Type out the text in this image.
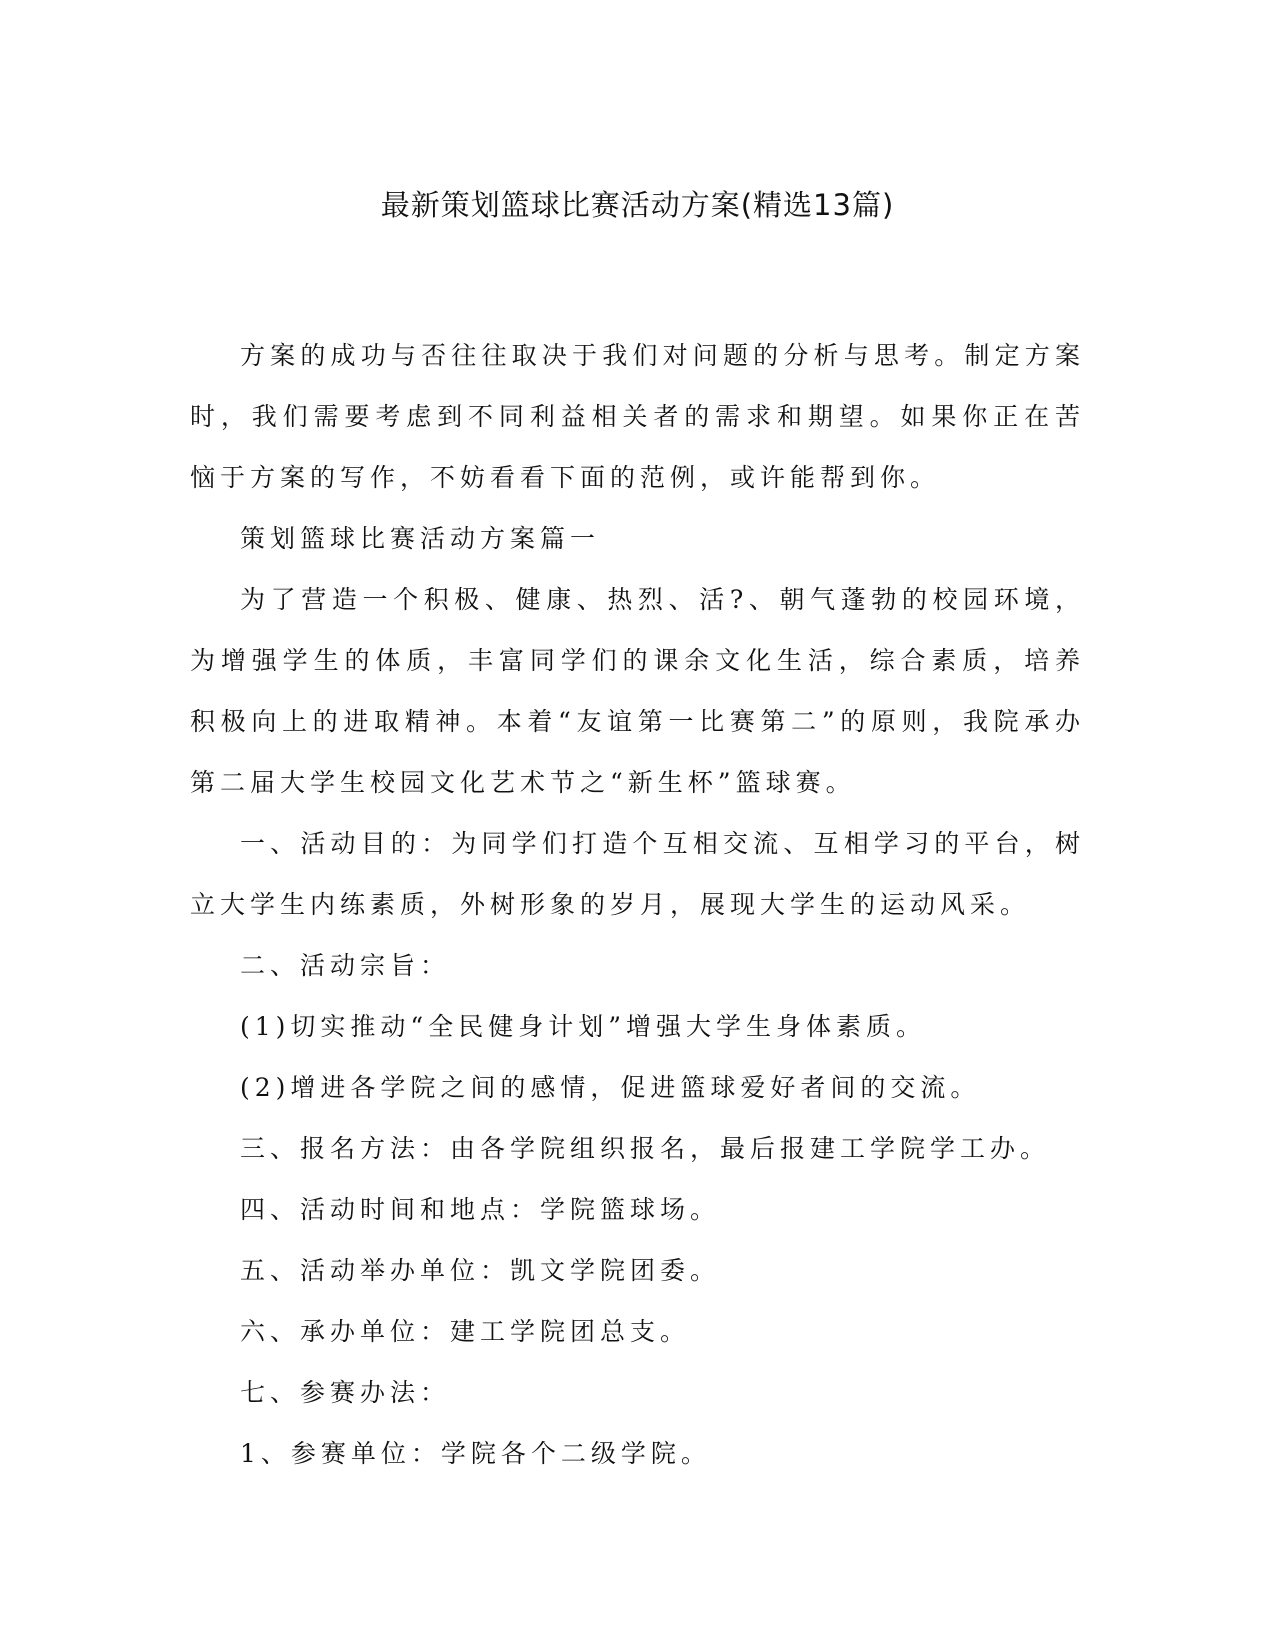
最新策划篮球比赛活动方案(精选13篇)

方案的成功与否往往取决于我们对问题的分析与思考。制定方案时，我们需要考虑到不同利益相关者的需求和期望。如果你正在苦恼于方案的写作，不妨看看下面的范例，或许能帮到你。

策划篮球比赛活动方案篇一

为了营造一个积极、健康、热烈、活?、朝气蓬勃的校园环境，为增强学生的体质，丰富同学们的课余文化生活，综合素质，培养积极向上的进取精神。本着“友谊第一比赛第二”的原则，我院承办第二届大学生校园文化艺术节之“新生杯”篮球赛。

一、活动目的：为同学们打造个互相交流、互相学习的平台，树立大学生内练素质，外树形象的岁月，展现大学生的运动风采。

二、活动宗旨：

(1)切实推动“全民健身计划”增强大学生身体素质。

(2)增进各学院之间的感情，促进篮球爱好者间的交流。

三、报名方法：由各学院组织报名，最后报建工学院学工办。

四、活动时间和地点：学院篮球场。

五、活动举办单位：凯文学院团委。

六、承办单位：建工学院团总支。

七、参赛办法：

1、参赛单位：学院各个二级学院。
